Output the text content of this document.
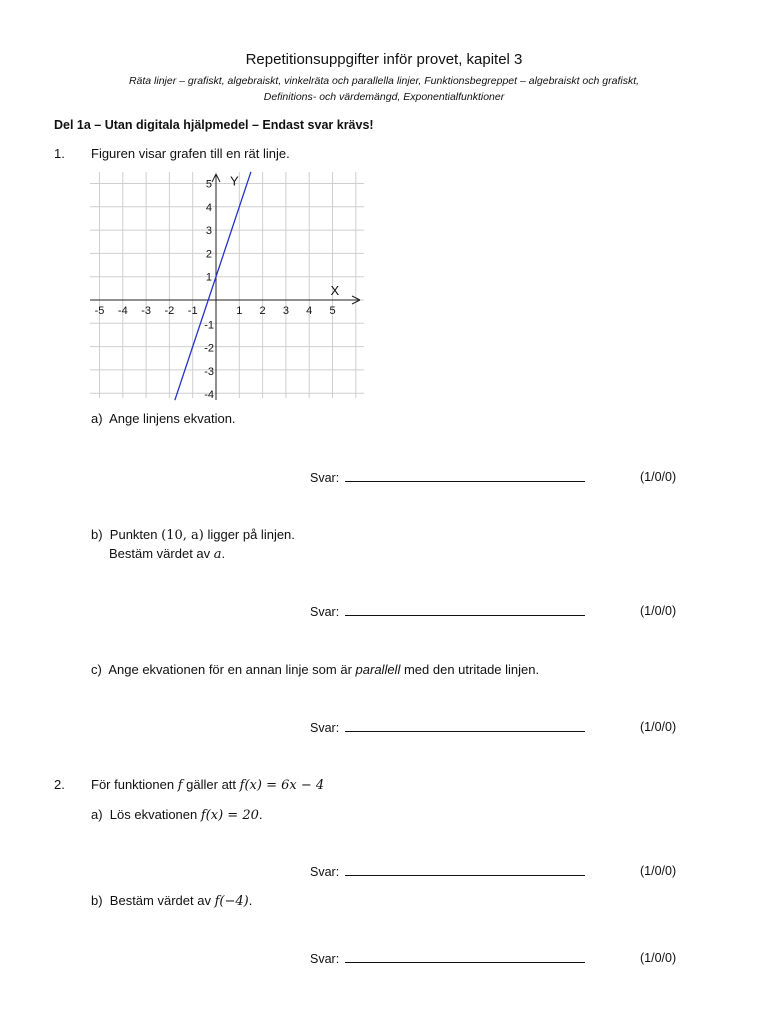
Repetitionsuppgifter inför provet, kapitel 3
Räta linjer – grafiskt, algebraiskt, vinkelräta och parallella linjer, Funktionsbegreppet – algebraiskt och grafiskt,
Definitions- och värdemängd, Exponentialfunktioner
Del 1a – Utan digitala hjälpmedel – Endast svar krävs!
1. Figuren visar grafen till en rät linje.
-5 -4 -3 -2 -1	1 2 3 4 5
5
4
3
2
1
-1
-2
-3
-4
X
Y
a) Ange linjens ekvation.
Svar:	(1/0/0)
b) Punkten (10, a) ligger på linjen.
Bestäm värdet av a.
Svar:	(1/0/0)
c) Ange ekvationen för en annan linje som är parallell med den utritade linjen.
Svar:	(1/0/0)
2. För funktionen f gäller att f(x) = 6x − 4
a) Lös ekvationen f(x) = 20.
Svar:	(1/0/0)
b) Bestäm värdet av f(−4).
Svar:	(1/0/0)
